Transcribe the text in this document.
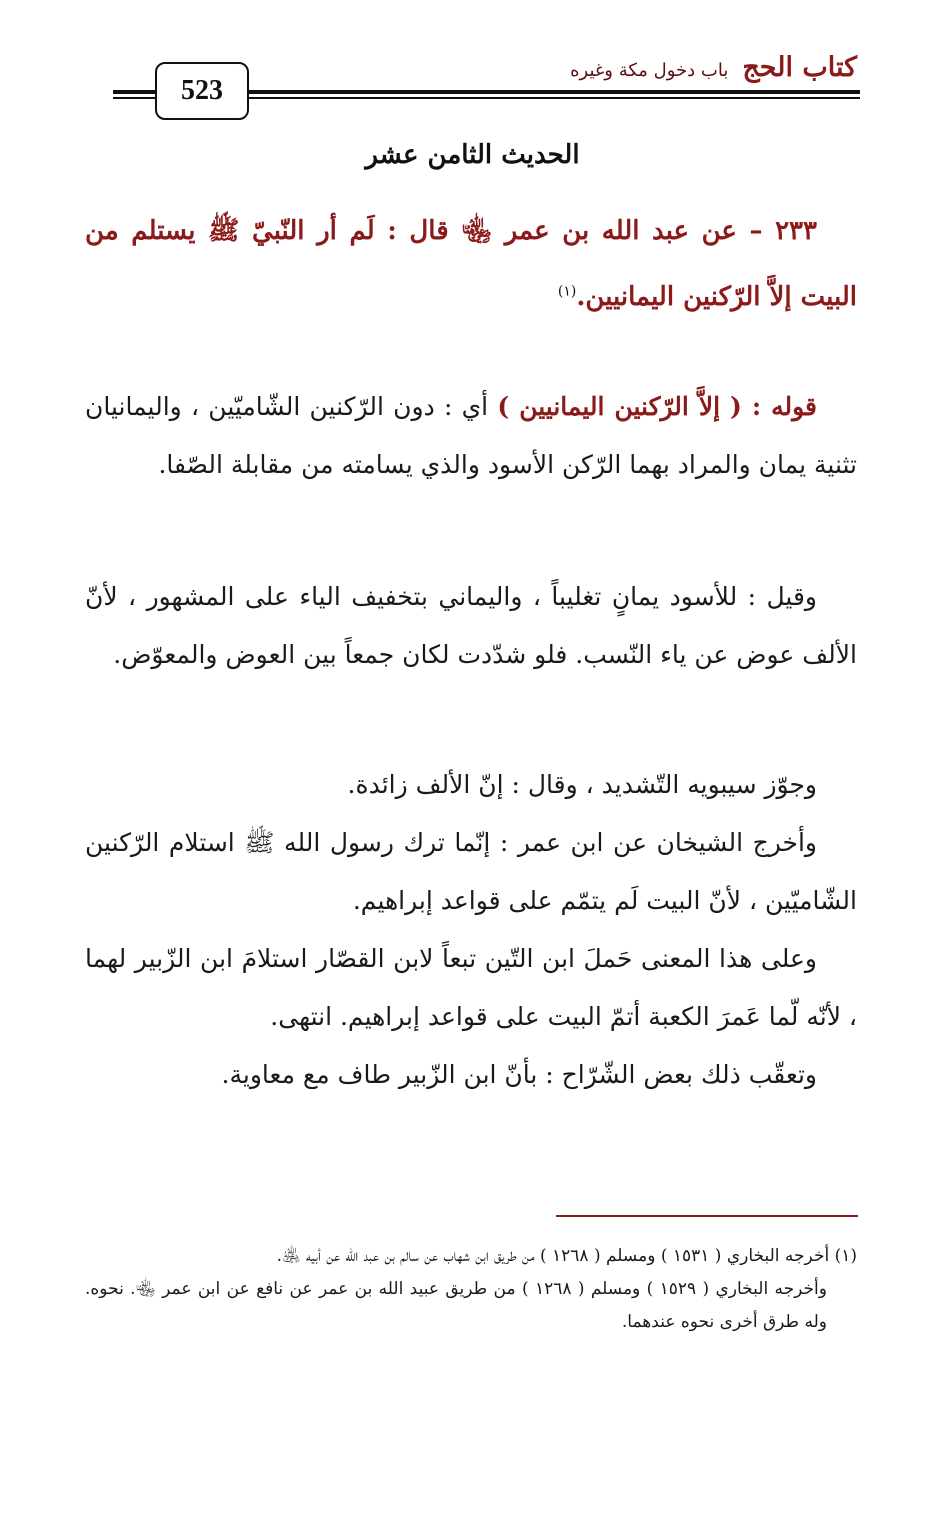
كتاب الحج
باب دخول مكة وغيره
523
الحديث الثامن عشر
٢٣٣ – عن عبد الله بن عمر ﵄ قال : لَم أر النّبيّ ﷺ يستلم من البيت إلاَّ الرّكنين اليمانيين.$^{(١)}$
قوله : ( إلاَّ الرّكنين اليمانيين ) أي : دون الرّكنين الشّاميّين ، واليمانيان تثنية يمان والمراد بهما الرّكن الأسود والذي يسامته من مقابلة الصّفا.
وقيل : للأسود يمانٍ تغليباً ، واليماني بتخفيف الياء على المشهور ، لأنّ الألف عوض عن ياء النّسب. فلو شدّدت لكان جمعاً بين العوض والمعوّض.
وجوّز سيبويه التّشديد ، وقال : إنّ الألف زائدة.
وأخرج الشيخان عن ابن عمر : إنّما ترك رسول الله ﷺ استلام الرّكنين الشّاميّين ، لأنّ البيت لَم يتمّم على قواعد إبراهيم.
وعلى هذا المعنى حَملَ ابن التّين تبعاً لابن القصّار استلامَ ابن الزّبير لهما ، لأنّه لّما عَمرَ الكعبة أتمّ البيت على قواعد إبراهيم. انتهى.
وتعقّب ذلك بعض الشّرّاح : بأنّ ابن الزّبير طاف مع معاوية.

(١) أخرجه البخاري ( ١٥٣١ ) ومسلم ( ١٢٦٨ ) من طريق ابن شهاب عن سالم بن عبد الله عن أبيه ﵁.

وأخرجه البخاري ( ١٥٢٩ ) ومسلم ( ١٢٦٨ ) من طريق عبيد الله بن عمر عن نافع عن ابن عمر ﵄. نحوه. وله طرق أخرى نحوه عندهما.
